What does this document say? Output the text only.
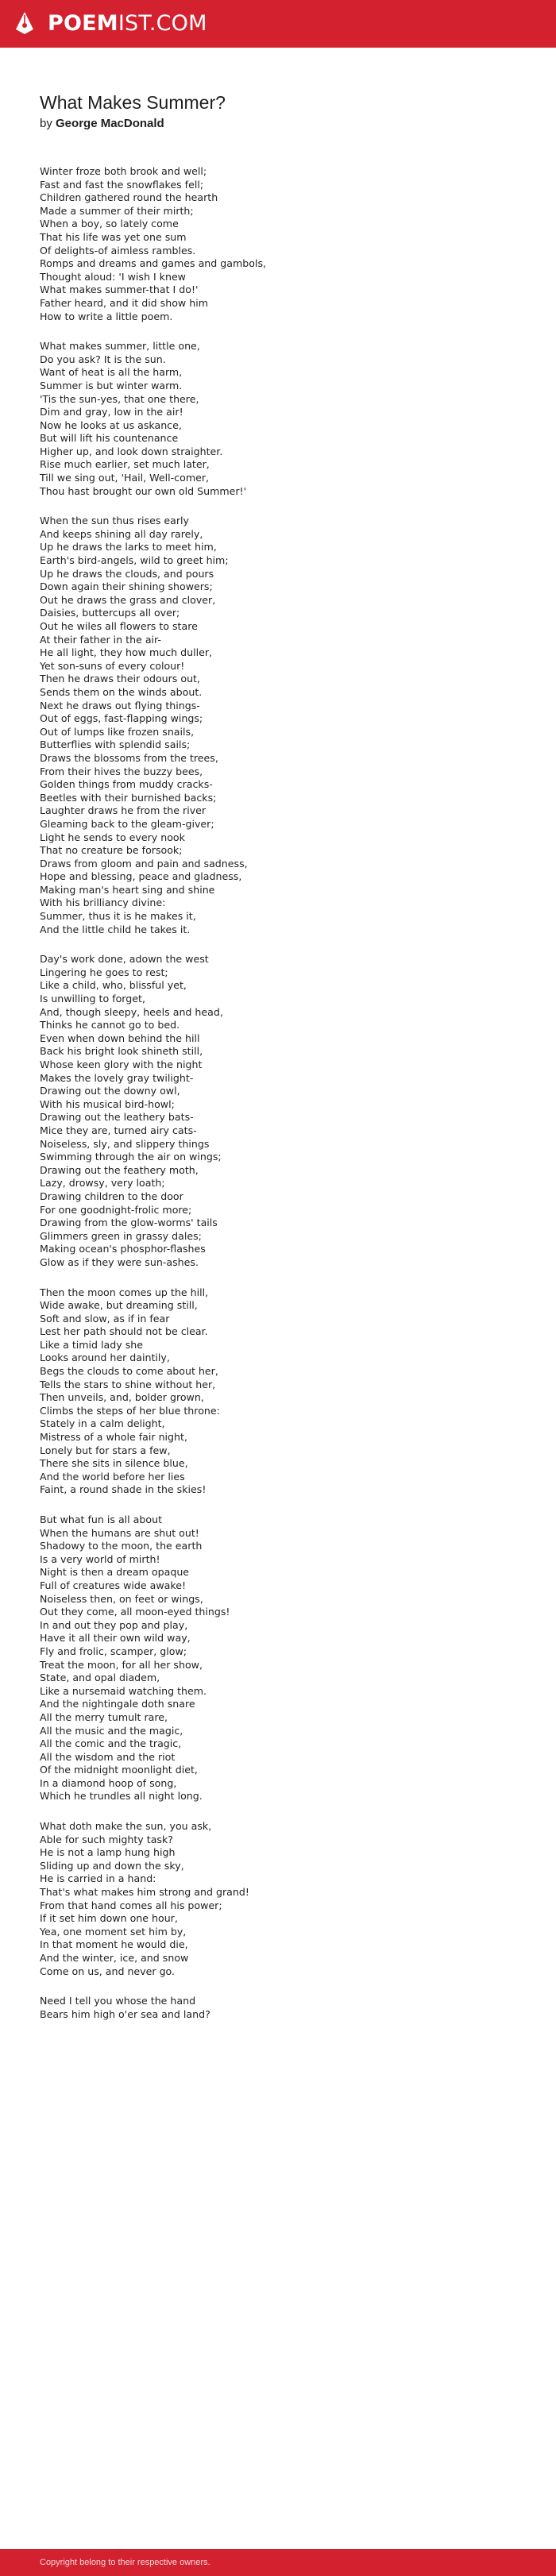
POEMIST.COM
What Makes Summer?
by George MacDonald
Winter froze both brook and well;
Fast and fast the snowflakes fell;
Children gathered round the hearth
Made a summer of their mirth;
When a boy, so lately come
That his life was yet one sum
Of delights-of aimless rambles.
Romps and dreams and games and gambols,
Thought aloud: 'I wish I knew
What makes summer-that I do!'
Father heard, and it did show him
How to write a little poem.
What makes summer, little one,
Do you ask? It is the sun.
Want of heat is all the harm,
Summer is but winter warm.
'Tis the sun-yes, that one there,
Dim and gray, low in the air!
Now he looks at us askance,
But will lift his countenance
Higher up, and look down straighter.
Rise much earlier, set much later,
Till we sing out, 'Hail, Well-comer,
Thou hast brought our own old Summer!'
When the sun thus rises early
And keeps shining all day rarely,
Up he draws the larks to meet him,
Earth's bird-angels, wild to greet him;
Up he draws the clouds, and pours
Down again their shining showers;
Out he draws the grass and clover,
Daisies, buttercups all over;
Out he wiles all flowers to stare
At their father in the air-
He all light, they how much duller,
Yet son-suns of every colour!
Then he draws their odours out,
Sends them on the winds about.
Next he draws out flying things-
Out of eggs, fast-flapping wings;
Out of lumps like frozen snails,
Butterflies with splendid sails;
Draws the blossoms from the trees,
From their hives the buzzy bees,
Golden things from muddy cracks-
Beetles with their burnished backs;
Laughter draws he from the river
Gleaming back to the gleam-giver;
Light he sends to every nook
That no creature be forsook;
Draws from gloom and pain and sadness,
Hope and blessing, peace and gladness,
Making man's heart sing and shine
With his brilliancy divine:
Summer, thus it is he makes it,
And the little child he takes it.
Day's work done, adown the west
Lingering he goes to rest;
Like a child, who, blissful yet,
Is unwilling to forget,
And, though sleepy, heels and head,
Thinks he cannot go to bed.
Even when down behind the hill
Back his bright look shineth still,
Whose keen glory with the night
Makes the lovely gray twilight-
Drawing out the downy owl,
With his musical bird-howl;
Drawing out the leathery bats-
Mice they are, turned airy cats-
Noiseless, sly, and slippery things
Swimming through the air on wings;
Drawing out the feathery moth,
Lazy, drowsy, very loath;
Drawing children to the door
For one goodnight-frolic more;
Drawing from the glow-worms' tails
Glimmers green in grassy dales;
Making ocean's phosphor-flashes
Glow as if they were sun-ashes.
Then the moon comes up the hill,
Wide awake, but dreaming still,
Soft and slow, as if in fear
Lest her path should not be clear.
Like a timid lady she
Looks around her daintily,
Begs the clouds to come about her,
Tells the stars to shine without her,
Then unveils, and, bolder grown,
Climbs the steps of her blue throne:
Stately in a calm delight,
Mistress of a whole fair night,
Lonely but for stars a few,
There she sits in silence blue,
And the world before her lies
Faint, a round shade in the skies!
But what fun is all about
When the humans are shut out!
Shadowy to the moon, the earth
Is a very world of mirth!
Night is then a dream opaque
Full of creatures wide awake!
Noiseless then, on feet or wings,
Out they come, all moon-eyed things!
In and out they pop and play,
Have it all their own wild way,
Fly and frolic, scamper, glow;
Treat the moon, for all her show,
State, and opal diadem,
Like a nursemaid watching them.
And the nightingale doth snare
All the merry tumult rare,
All the music and the magic,
All the comic and the tragic,
All the wisdom and the riot
Of the midnight moonlight diet,
In a diamond hoop of song,
Which he trundles all night long.
What doth make the sun, you ask,
Able for such mighty task?
He is not a lamp hung high
Sliding up and down the sky,
He is carried in a hand:
That's what makes him strong and grand!
From that hand comes all his power;
If it set him down one hour,
Yea, one moment set him by,
In that moment he would die,
And the winter, ice, and snow
Come on us, and never go.
Need I tell you whose the hand
Bears him high o'er sea and land?
Copyright belong to their respective owners.
